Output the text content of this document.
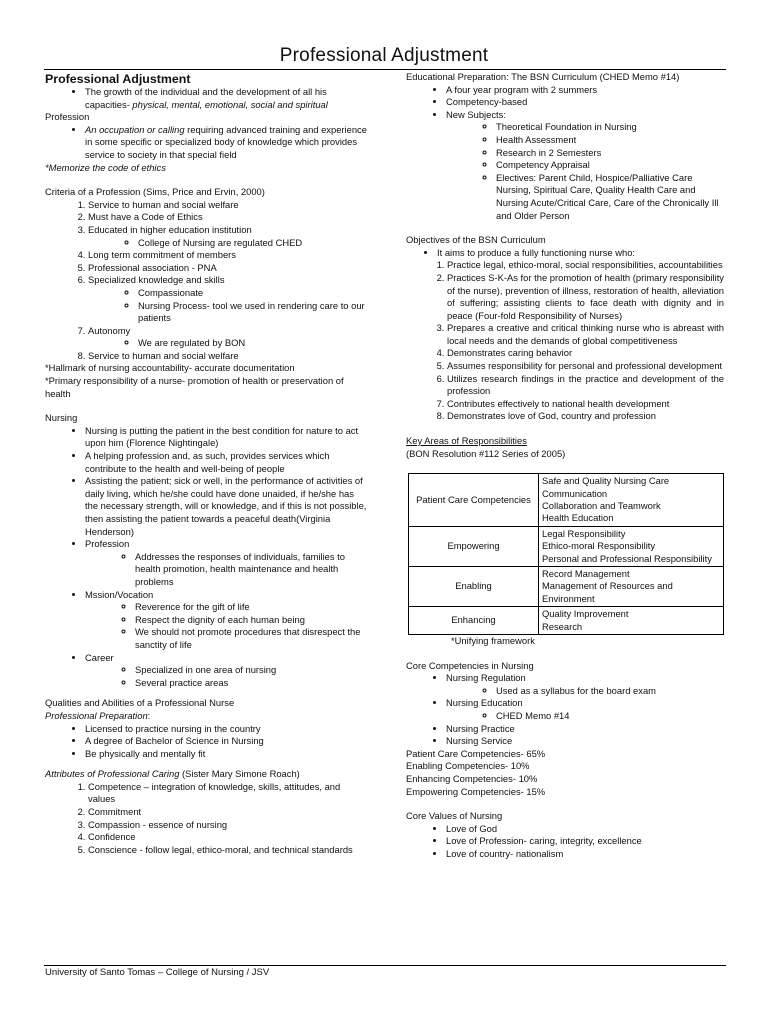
Professional Adjustment
Professional Adjustment
• The growth of the individual and the development of all his capacities- physical, mental, emotional, social and spiritual
Profession
• An occupation or calling requiring advanced training and experience in some specific or specialized body of knowledge which provides service to society in that special field
*Memorize the code of ethics
Criteria of a Profession (Sims, Price and Ervin, 2000)
1. Service to human and social welfare
2. Must have a Code of Ethics
3. Educated in higher education institution
◦ College of Nursing are regulated CHED
4. Long term commitment of members
5. Professional association - PNA
6. Specialized knowledge and skills
◦ Compassionate
◦ Nursing Process- tool we used in rendering care to our patients
7. Autonomy
◦ We are regulated by BON
8. Service to human and social welfare
*Hallmark of nursing accountability- accurate documentation
*Primary responsibility of a nurse- promotion of health or preservation of health
Nursing
• Nursing is putting the patient in the best condition for nature to act upon him (Florence Nightingale)
• A helping profession and, as such, provides services which contribute to the health and well-being of people
• Assisting the patient; sick or well, in the performance of activities of daily living, which he/she could have done unaided, if he/she has the necessary strength, will or knowledge, and if this is not possible, then assisting the patient towards a peaceful death(Virginia Henderson)
• Profession
◦ Addresses the responses of individuals, families to health promotion, health maintenance and health problems
• Mssion/Vocation
◦ Reverence for the gift of life
◦ Respect the dignity of each human being
◦ We should not promote procedures that disrespect the sanctity of life
• Career
◦ Specialized in one area of nursing
◦ Several practice areas
Qualities and Abilities of a Professional Nurse
Professional Preparation:
• Licensed to practice nursing in the country
• A degree of Bachelor of Science in Nursing
• Be physically and mentally fit
Attributes of Professional Caring (Sister Mary Simone Roach)
1. Competence – integration of knowledge, skills, attitudes, and values
2. Commitment
3. Compassion - essence of nursing
4. Confidence
5. Conscience - follow legal, ethico-moral, and technical standards
Educational Preparation: The BSN Curriculum (CHED Memo #14)
• A four year program with 2 summers
• Competency-based
• New Subjects:
◦ Theoretical Foundation in Nursing
◦ Health Assessment
◦ Research in 2 Semesters
◦ Competency Appraisal
◦ Electives: Parent Child, Hospice/Palliative Care Nursing, Spiritual Care, Quality Health Care and Nursing Acute/Critical Care, Care of the Chronically Ill and Older Person
Objectives of the BSN Curriculum
• It aims to produce a fully functioning nurse who:
1. Practice legal, ethico-moral, social responsibilities, accountabilities
2. Practices S-K-As for the promotion of health (primary responsibility of the nurse), prevention of illness, restoration of health, alleviation of suffering; assisting clients to face death with dignity and in peace (Four-fold Responsibility of Nurses)
3. Prepares a creative and critical thinking nurse who is abreast with local needs and the demands of global competitiveness
4. Demonstrates caring behavior
5. Assumes responsibility for personal and professional development
6. Utilizes research findings in the practice and development of the profession
7. Contributes effectively to national health development
8. Demonstrates love of God, country and profession
Key Areas of Responsibilities
(BON Resolution #112 Series of 2005)
Patient Care Competencies	Safe and Quality Nursing Care
Communication
Collaboration and Teamwork
Health Education

Empowering	Legal Responsibility
Ethico-moral Responsibility
Personal and Professional Responsibility

Enabling	Record Management
Management of Resources and Environment

Enhancing	Quality Improvement
Research
*Unifying framework
Core Competencies in Nursing
• Nursing Regulation
◦ Used as a syllabus for the board exam
• Nursing Education
◦ CHED Memo #14
• Nursing Practice
• Nursing Service
Patient Care Competencies- 65%
Enabling Competencies- 10%
Enhancing Competencies- 10%
Empowering Competencies- 15%
Core Values of Nursing
• Love of God
• Love of Profession- caring, integrity, excellence
• Love of country- nationalism
University of Santo Tomas – College of Nursing / JSV
